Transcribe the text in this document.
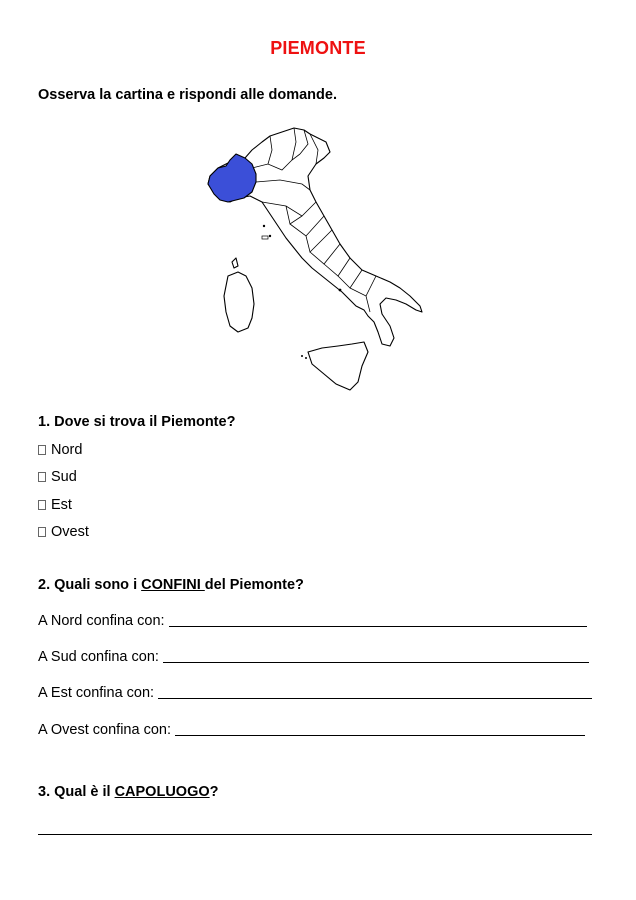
PIEMONTE
Osserva la cartina e rispondi alle domande.
1. Dove si trova il Piemonte?
Nord
Sud
Est
Ovest
2. Quali sono i CONFINI del Piemonte?
A Nord confina con:
A Sud confina con:
A Est confina con:
A Ovest confina con:
3. Qual è il CAPOLUOGO?
